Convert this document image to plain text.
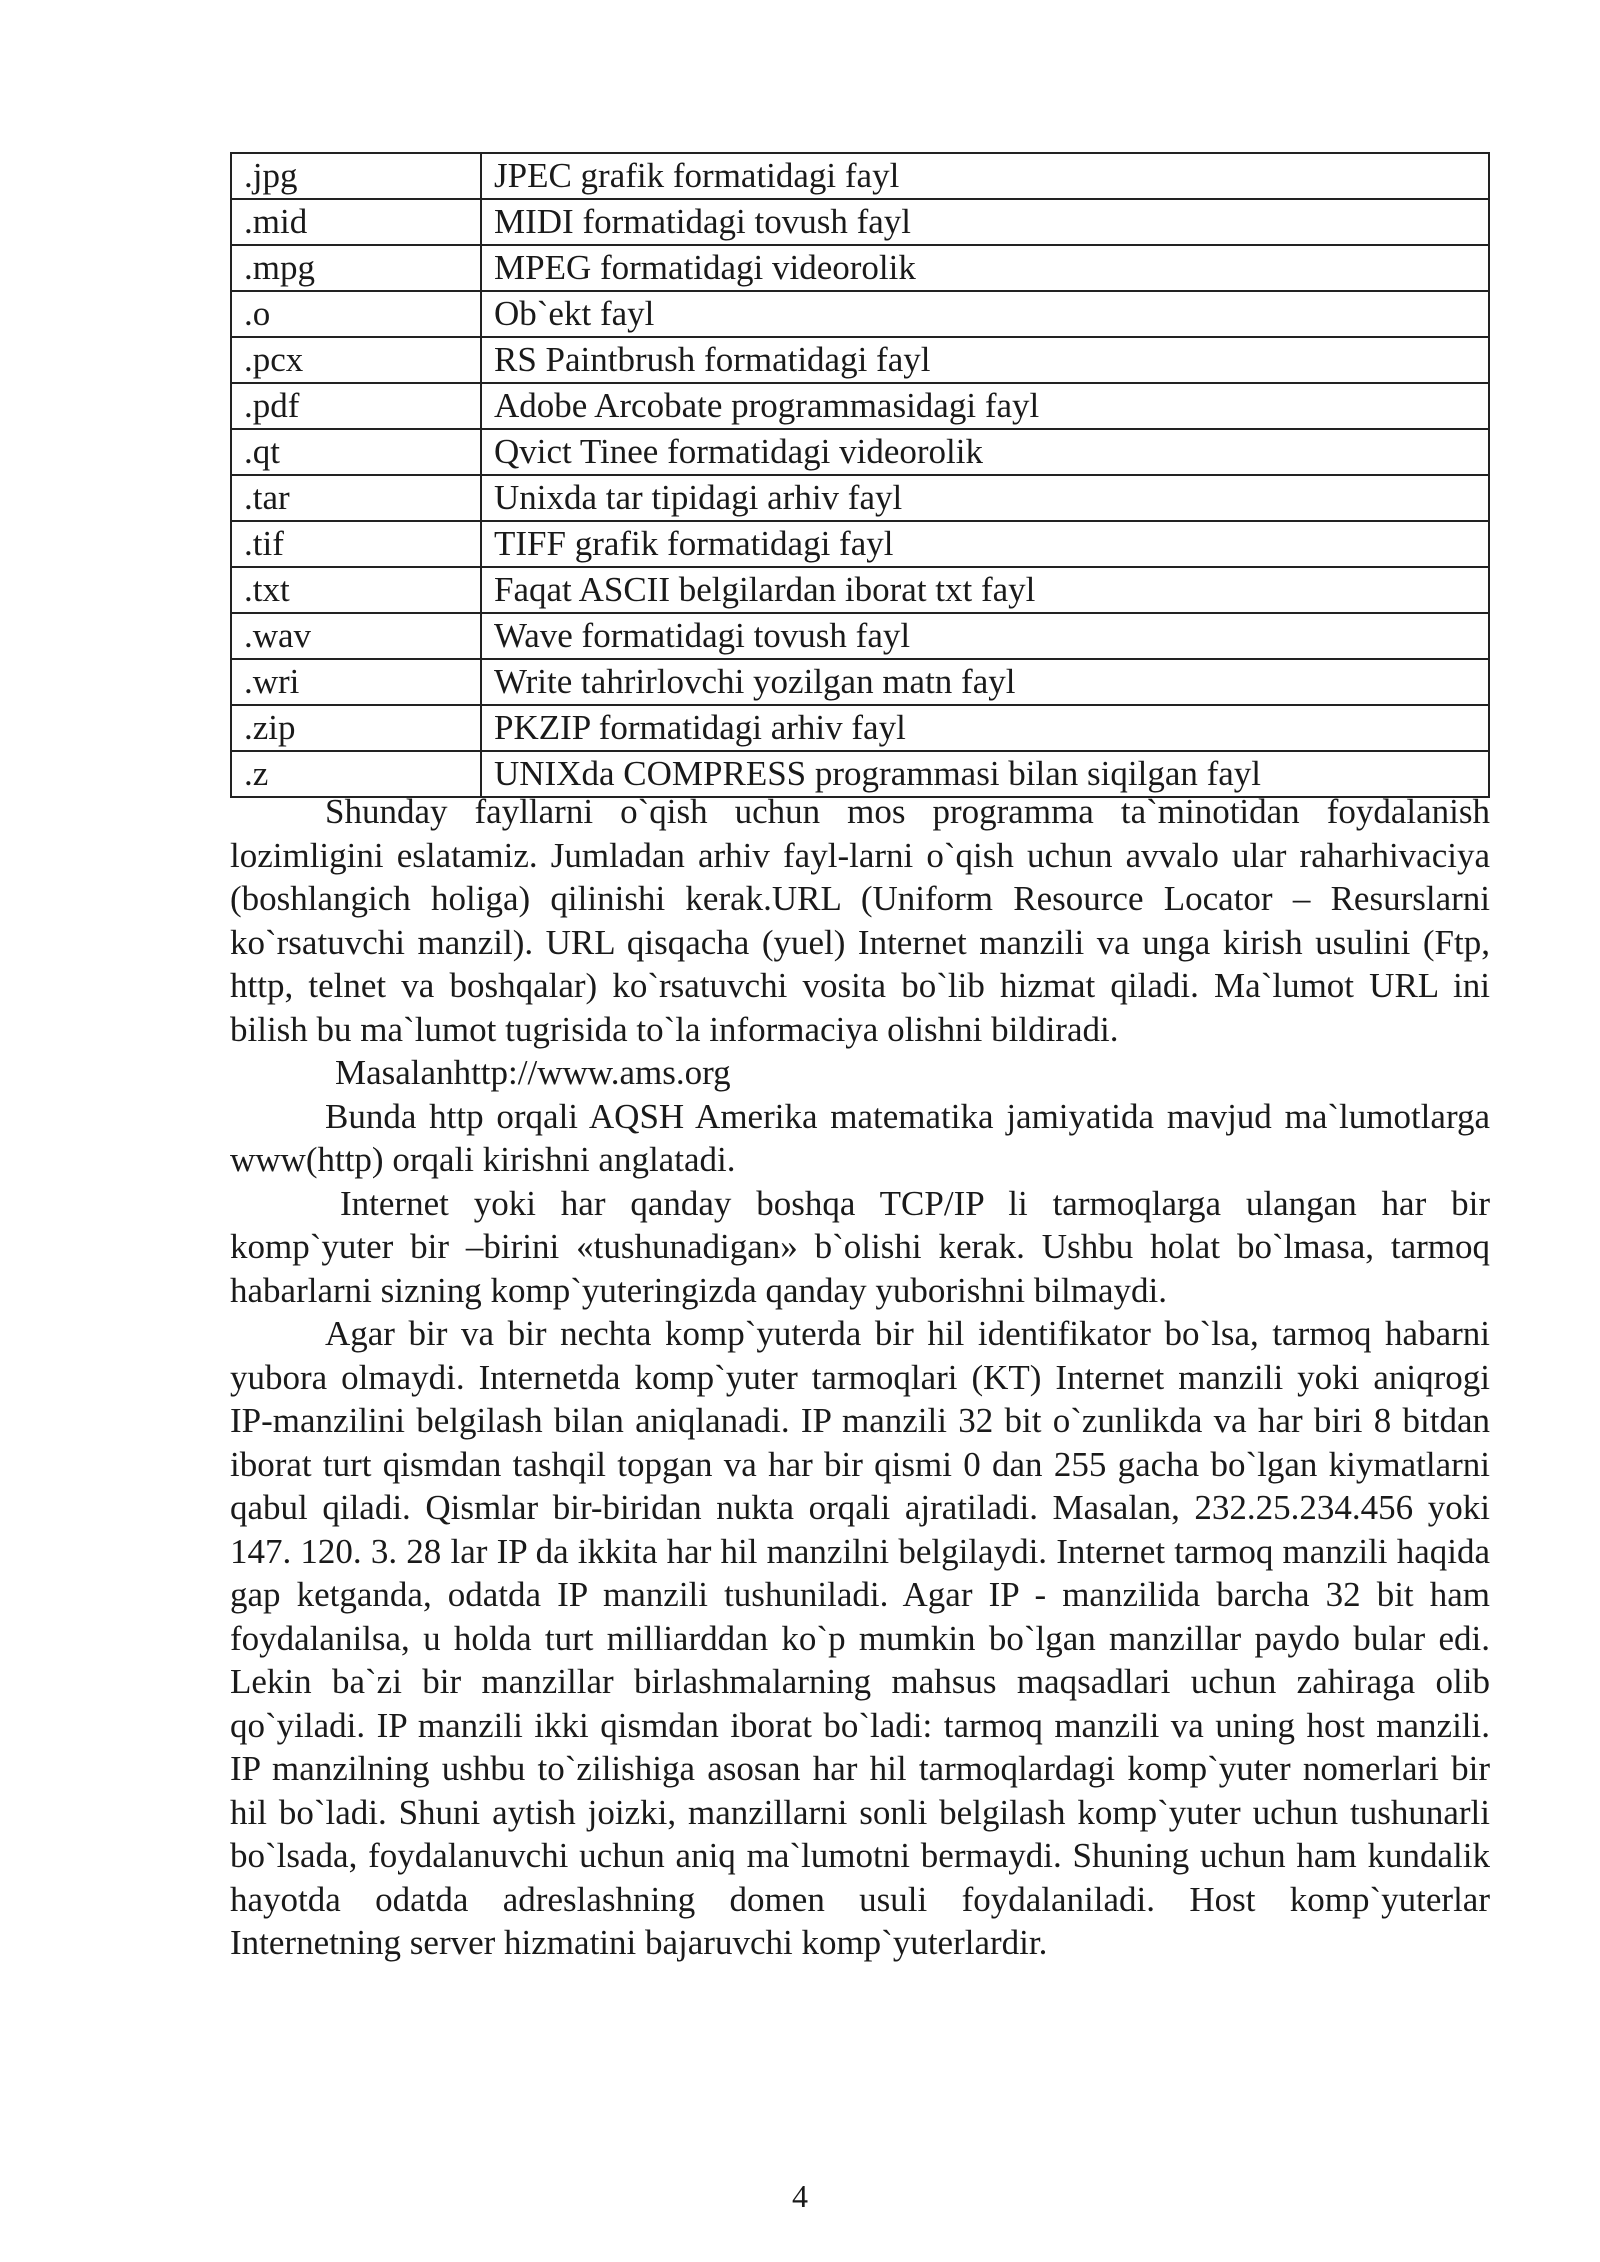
.jpg	JPEC grafik formatidagi fayl
.mid	MIDI formatidagi tovush fayl
.mpg	MPEG formatidagi videorolik
.o	Ob`ekt fayl
.pcx	RS Paintbrush formatidagi fayl
.pdf	Adobe Arcobate programmasidagi fayl
.qt	Qvict Tinee formatidagi videorolik
.tar	Unixda tar tipidagi arhiv fayl
.tif	TIFF grafik formatidagi fayl
.txt	Faqat ASCII belgilardan iborat txt fayl
.wav	Wave formatidagi tovush fayl
.wri	Write tahrirlovchi yozilgan matn fayl
.zip	PKZIP formatidagi arhiv fayl
.z	UNIXda COMPRESS programmasi bilan siqilgan fayl

Shunday fayllarni o`qish uchun mos programma ta`minotidan foydalanish lozimligini eslatamiz. Jumladan arhiv fayl-larni o`qish uchun avvalo ular raharhivaciya (boshlangich holiga) qilinishi kerak.URL (Uniform Resource Locator – Resurslarni ko`rsatuvchi manzil). URL qisqacha (yuel) Internet manzili va unga kirish usulini (Ftp, http, telnet va boshqalar) ko`rsatuvchi vosita bo`lib hizmat qiladi. Ma`lumot URL ini bilish bu ma`lumot tugrisida to`la informaciya olishni bildiradi.

Masalanhttp://www.ams.org

Bunda http orqali AQSH Amerika matematika jamiyatida mavjud ma`lumotlarga www(http) orqali kirishni anglatadi.

Internet yoki har qanday boshqa TCP/IP li tarmoqlarga ulangan har bir komp`yuter bir –birini «tushunadigan» b`olishi kerak. Ushbu holat bo`lmasa, tarmoq habarlarni sizning komp`yuteringizda qanday yuborishni bilmaydi.

Agar bir va bir nechta komp`yuterda bir hil identifikator bo`lsa, tarmoq habarni yubora olmaydi. Internetda komp`yuter tarmoqlari (KT) Internet manzili yoki aniqrogi IP-manzilini belgilash bilan aniqlanadi. IP manzili 32 bit o`zunlikda va har biri 8 bitdan iborat turt qismdan tashqil topgan va har bir qismi 0 dan 255 gacha bo`lgan kiymatlarni qabul qiladi. Qismlar bir-biridan nukta orqali ajratiladi. Masalan, 232.25.234.456 yoki 147. 120. 3. 28 lar IP da ikkita har hil manzilni belgilaydi. Internet tarmoq manzili haqida gap ketganda, odatda IP manzili tushuniladi. Agar IP - manzilida barcha 32 bit ham foydalanilsa, u holda turt milliarddan ko`p mumkin bo`lgan manzillar paydo bular edi. Lekin ba`zi bir manzillar birlashmalarning mahsus maqsadlari uchun zahiraga olib qo`yiladi. IP manzili ikki qismdan iborat bo`ladi: tarmoq manzili va uning host manzili. IP manzilning ushbu to`zilishiga asosan har hil tarmoqlardagi komp`yuter nomerlari bir hil bo`ladi. Shuni aytish joizki, manzillarni sonli belgilash komp`yuter uchun tushunarli bo`lsada, foydalanuvchi uchun aniq ma`lumotni bermaydi. Shuning uchun ham kundalik hayotda odatda adreslashning domen usuli foydalaniladi. Host komp`yuterlar Internetning server hizmatini bajaruvchi komp`yuterlardir.

4
